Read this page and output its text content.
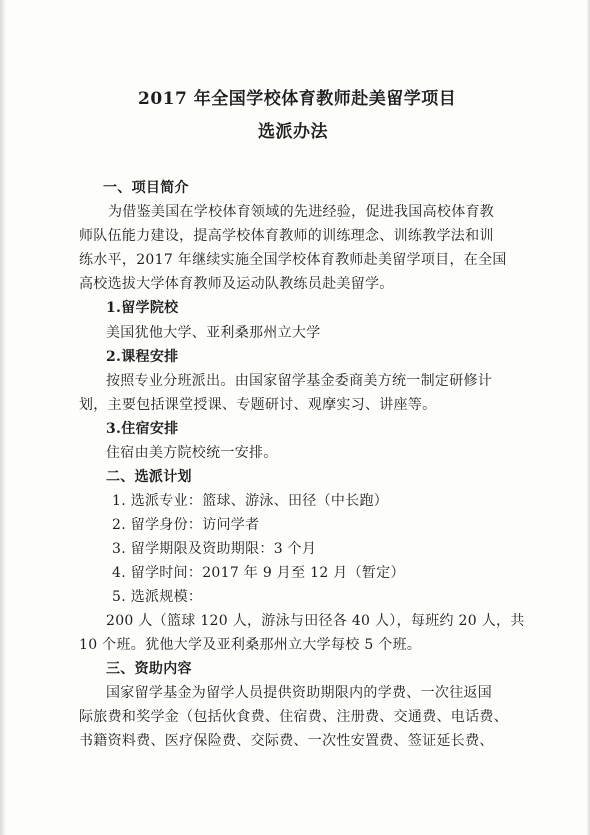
2017 年全国学校体育教师赴美留学项目
选派办法
一、项目简介
为借鉴美国在学校体育领域的先进经验，促进我国高校体育教
师队伍能力建设，提高学校体育教师的训练理念、训练教学法和训
练水平，2017 年继续实施全国学校体育教师赴美留学项目，在全国
高校选拔大学体育教师及运动队教练员赴美留学。
1.留学院校
美国犹他大学、亚利桑那州立大学
2.课程安排
按照专业分班派出。由国家留学基金委商美方统一制定研修计
划，主要包括课堂授课、专题研讨、观摩实习、讲座等。
3.住宿安排
住宿由美方院校统一安排。
二、选派计划
1. 选派专业：篮球、游泳、田径（中长跑）
2. 留学身份：访问学者
3. 留学期限及资助期限：3 个月
4. 留学时间：2017 年 9 月至 12 月（暂定）
5. 选派规模：
200 人（篮球 120 人，游泳与田径各 40 人），每班约 20 人，共
10 个班。犹他大学及亚利桑那州立大学每校 5 个班。
三、资助内容
国家留学基金为留学人员提供资助期限内的学费、一次往返国
际旅费和奖学金（包括伙食费、住宿费、注册费、交通费、电话费、
书籍资料费、医疗保险费、交际费、一次性安置费、签证延长费、
